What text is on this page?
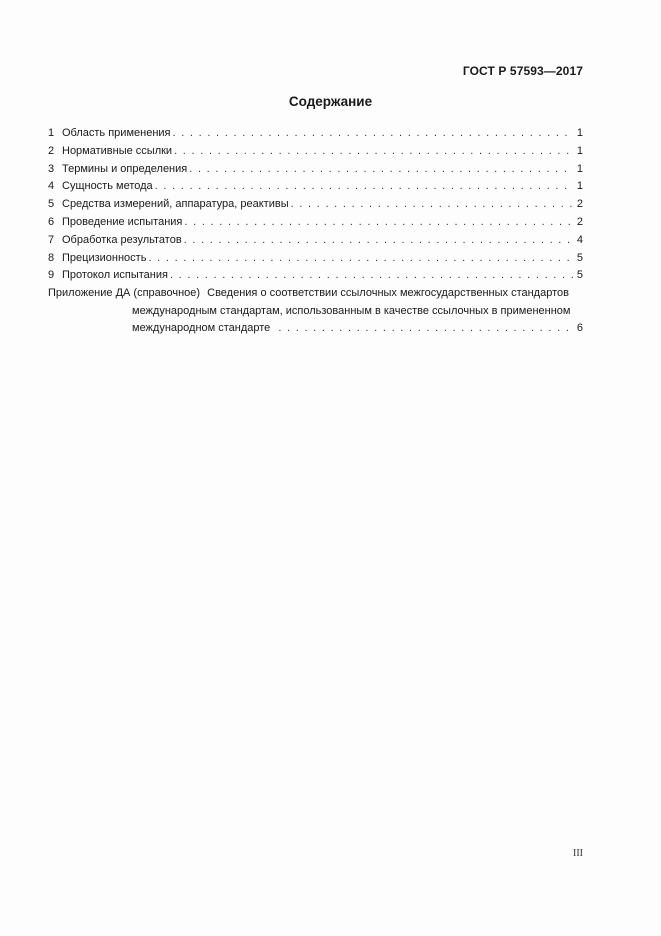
ГОСТ Р 57593—2017
Содержание
1 Область применения . . .	1
2 Нормативные ссылки . . .	1
3 Термины и определения . . .	1
4 Сущность метода . . .	1
5 Средства измерений, аппаратура, реактивы . . .	2
6 Проведение испытания . . .	2
7 Обработка результатов . . .	4
8 Прецизионность . . .	5
9 Протокол испытания . . .	5
Приложение ДА (справочное) Сведения о соответствии ссылочных межгосударственных стандартов
международным стандартам, использованным в качестве ссылочных в примененном
международном стандарте . . .	6
III
